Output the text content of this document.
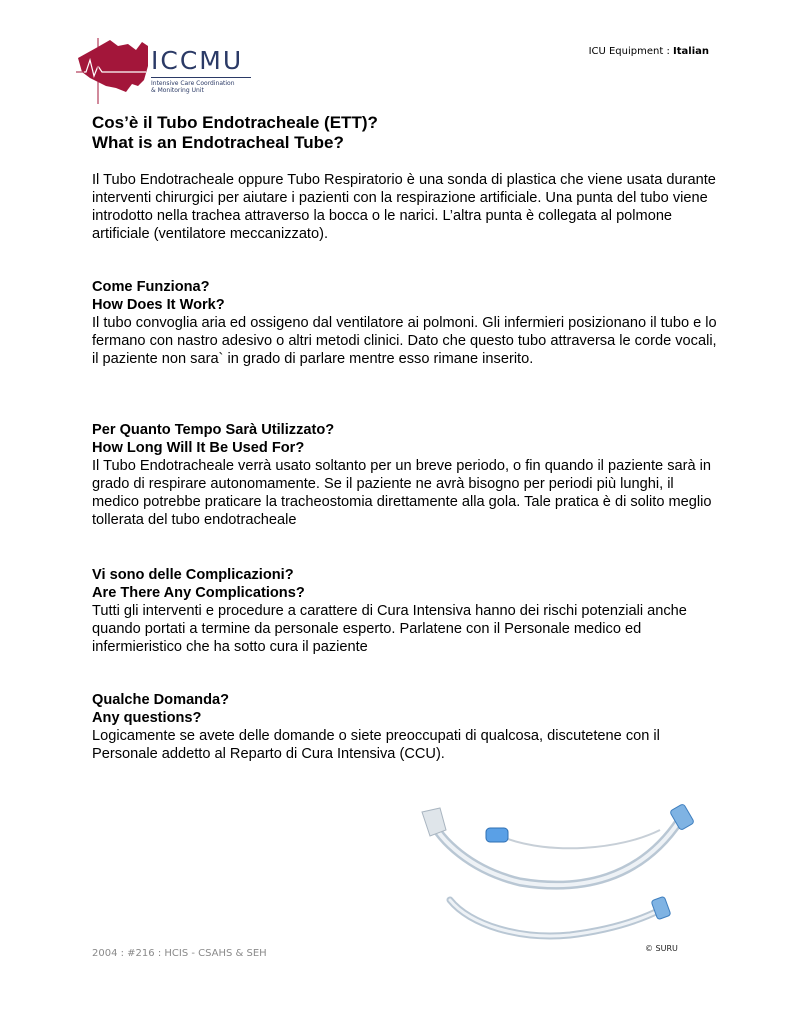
ICU Equipment : Italian
ICCMU
Intensive Care Coordination
& Monitoring Unit
Cos’è il Tubo Endotracheale (ETT)?
What is an Endotracheal Tube?
Il Tubo Endotracheale oppure Tubo Respiratorio è una sonda di plastica che viene usata durante interventi chirurgici per aiutare i pazienti con la respirazione artificiale. Una punta del tubo viene introdotto nella trachea attraverso la bocca o le narici. L’altra punta è collegata al polmone artificiale (ventilatore meccanizzato).
Come Funziona?
How Does It Work?
Il tubo convoglia aria ed ossigeno dal ventilatore ai polmoni. Gli infermieri posizionano il tubo e lo fermano con nastro adesivo o altri metodi clinici. Dato che questo tubo attraversa le corde vocali, il paziente non sara` in grado di parlare mentre esso rimane inserito.
Per Quanto Tempo Sarà Utilizzato?
How Long Will It Be Used For?
Il Tubo Endotracheale verrà usato soltanto per un breve periodo, o fin quando il paziente sarà in grado di respirare autonomamente. Se il paziente ne avrà bisogno per periodi più lunghi, il medico potrebbe praticare la tracheostomia direttamente alla gola. Tale pratica è di solito meglio tollerata del tubo endotracheale
Vi sono delle Complicazioni?
Are There Any Complications?
Tutti gli interventi e procedure a carattere di Cura Intensiva hanno dei rischi potenziali anche quando portati a termine da personale esperto. Parlatene con il Personale medico ed infermieristico che ha sotto cura il paziente
Qualche Domanda?
Any questions?
Logicamente se avete delle domande o siete preoccupati di qualcosa, discutetene con il Personale addetto al Reparto di Cura Intensiva (CCU).
© SURU
2004 : #216 : HCIS - CSAHS & SEH
